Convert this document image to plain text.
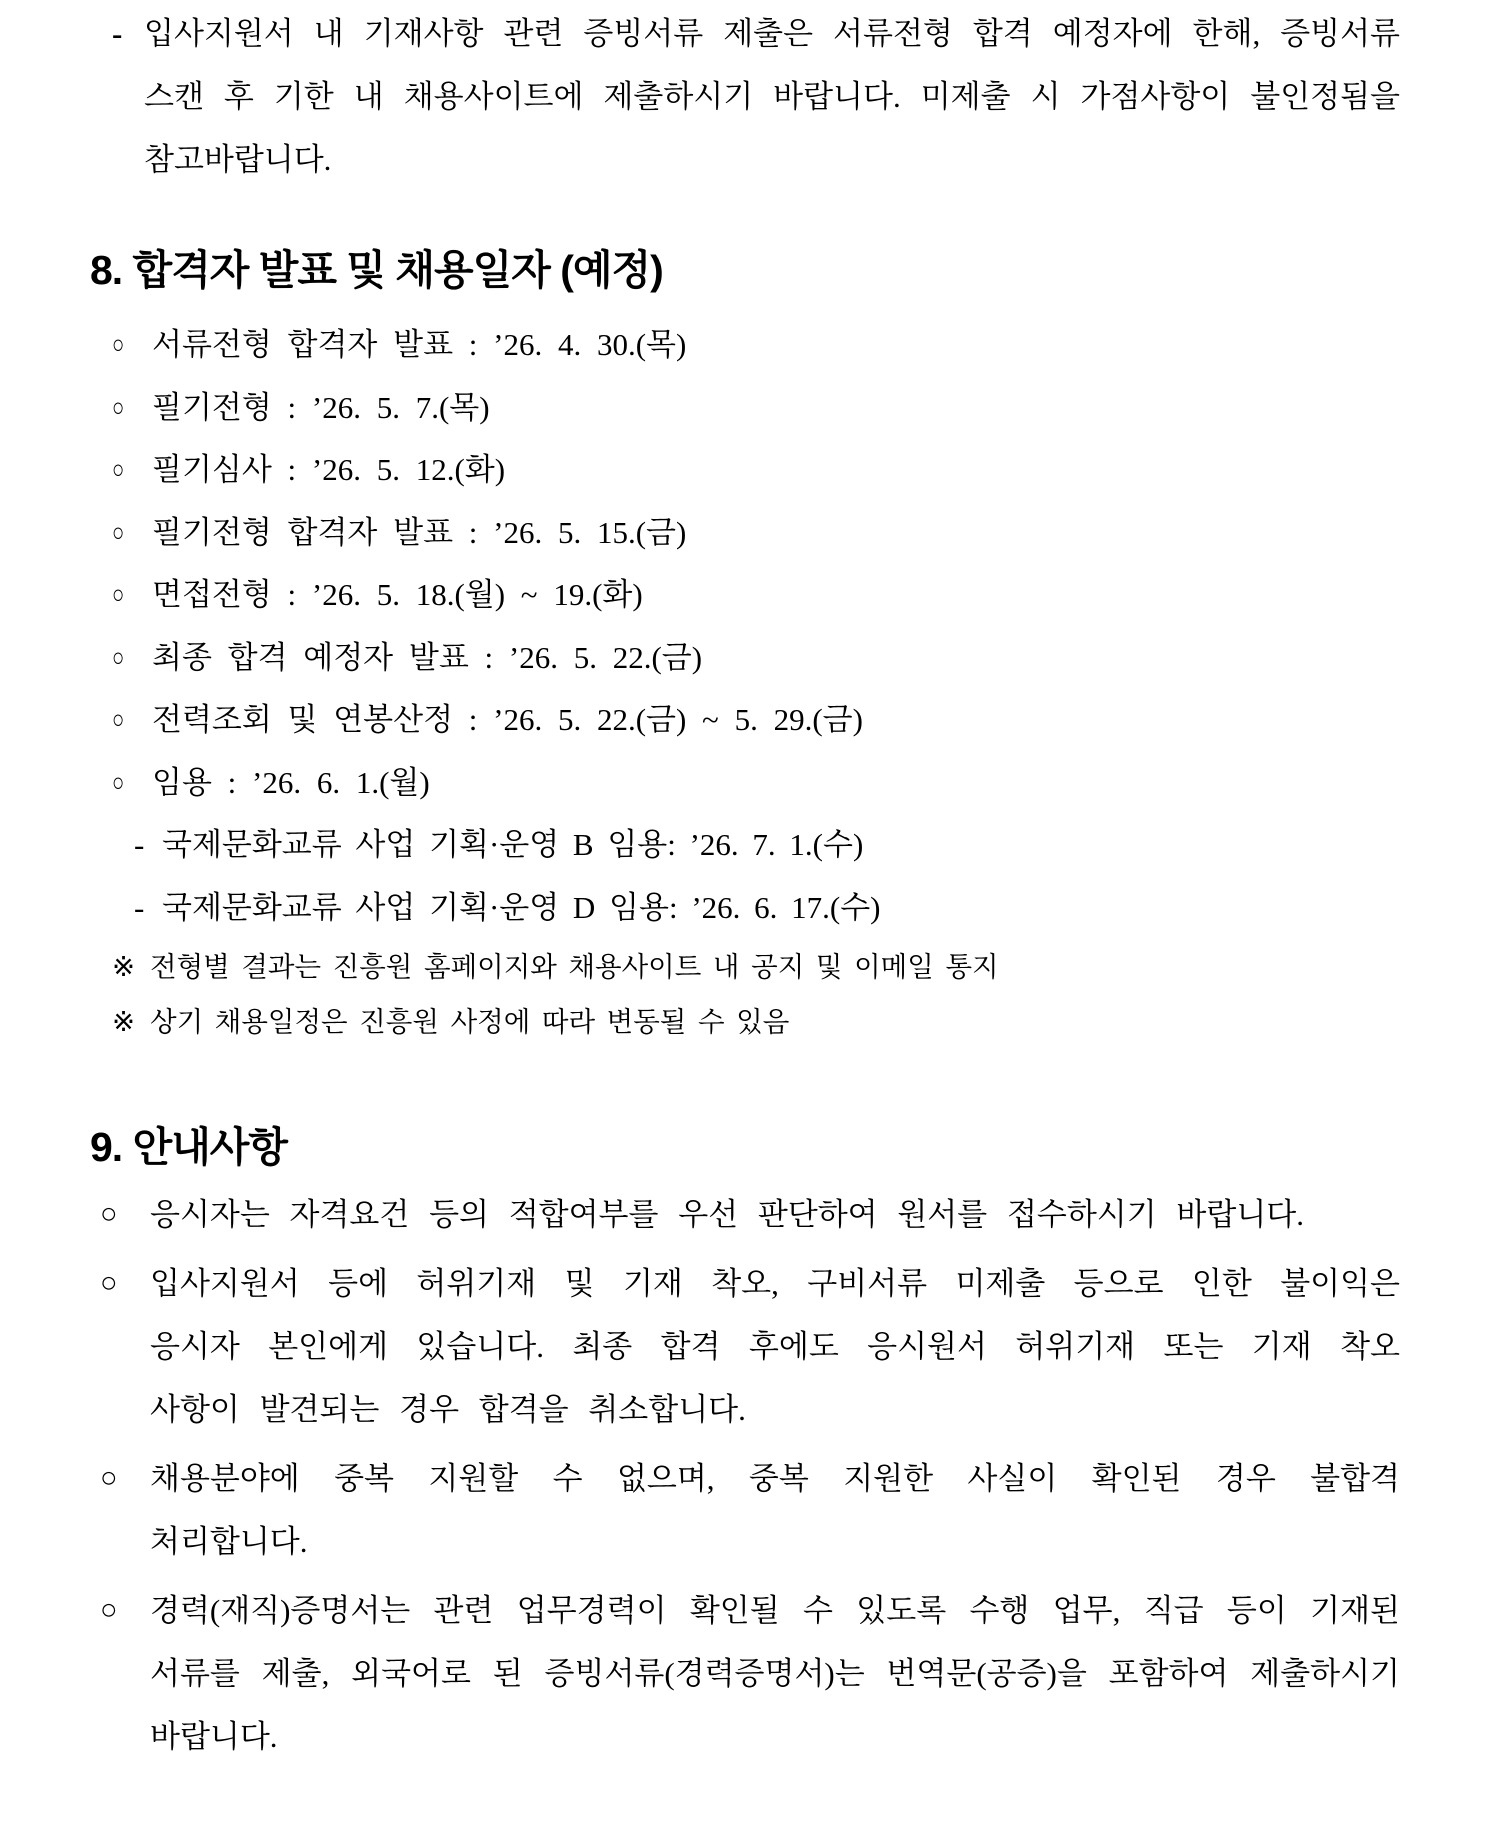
- 입사지원서 내 기재사항 관련 증빙서류 제출은 서류전형 합격 예정자에 한해, 증빙서류 스캔 후 기한 내 채용사이트에 제출하시기 바랍니다. 미제출 시 가점사항이 불인정됨을 참고바랍니다.
8. 합격자 발표 및 채용일자 (예정)
○ 서류전형 합격자 발표 : ’26. 4. 30.(목)
○ 필기전형 : ’26. 5. 7.(목)
○ 필기심사 : ’26. 5. 12.(화)
○ 필기전형 합격자 발표 : ’26. 5. 15.(금)
○ 면접전형 : ’26. 5. 18.(월) ~ 19.(화)
○ 최종 합격 예정자 발표 : ’26. 5. 22.(금)
○ 전력조회 및 연봉산정 : ’26. 5. 22.(금) ~ 5. 29.(금)
○ 임용 : ’26. 6. 1.(월)
- 국제문화교류 사업 기획·운영 B 임용: ’26. 7. 1.(수)
- 국제문화교류 사업 기획·운영 D 임용: ’26. 6. 17.(수)
※ 전형별 결과는 진흥원 홈페이지와 채용사이트 내 공지 및 이메일 통지
※ 상기 채용일정은 진흥원 사정에 따라 변동될 수 있음
9. 안내사항
○	응시자는 자격요건 등의 적합여부를 우선 판단하여 원서를 접수하시기 바랍니다.
○	입사지원서 등에 허위기재 및 기재 착오, 구비서류 미제출 등으로 인한 불이익은 응시자 본인에게 있습니다. 최종 합격 후에도 응시원서 허위기재 또는 기재 착오 사항이 발견되는 경우 합격을 취소합니다.
○	채용분야에 중복 지원할 수 없으며, 중복 지원한 사실이 확인된 경우 불합격 처리합니다.
○	경력(재직)증명서는 관련 업무경력이 확인될 수 있도록 수행 업무, 직급 등이 기재된 서류를 제출, 외국어로 된 증빙서류(경력증명서)는 번역문(공증)을 포함하여 제출하시기 바랍니다.
